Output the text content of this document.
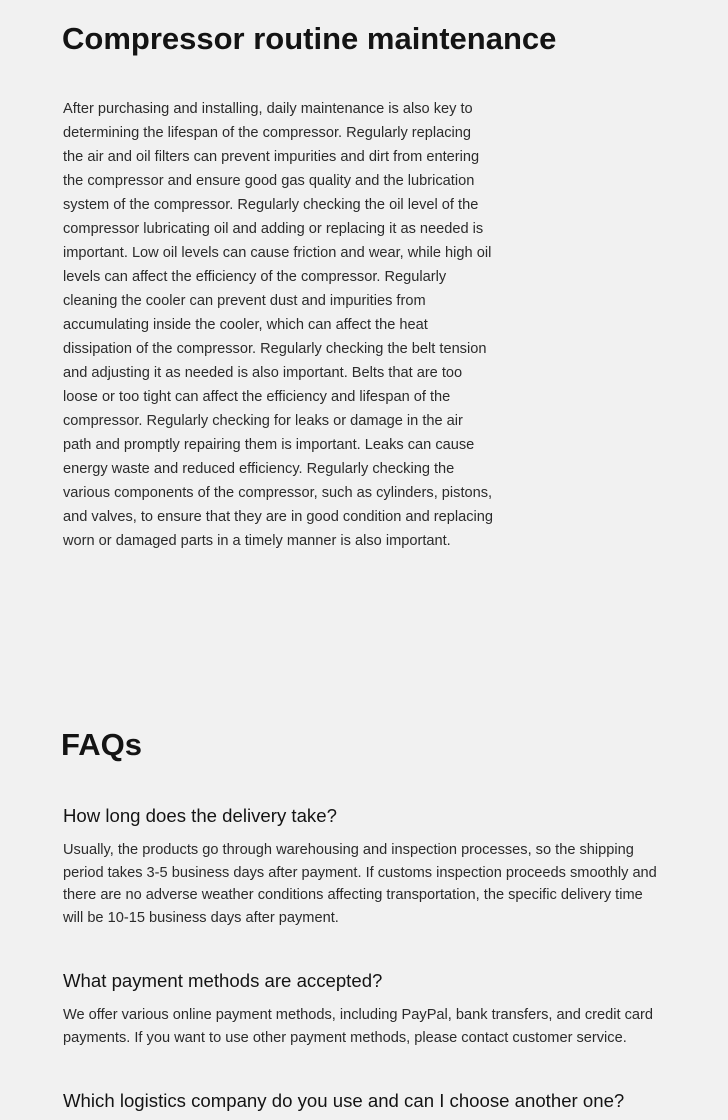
Compressor routine maintenance

After purchasing and installing, daily maintenance is also key to determining the lifespan of the compressor. Regularly replacing the air and oil filters can prevent impurities and dirt from entering the compressor and ensure good gas quality and the lubrication system of the compressor. Regularly checking the oil level of the compressor lubricating oil and adding or replacing it as needed is important. Low oil levels can cause friction and wear, while high oil levels can affect the efficiency of the compressor. Regularly cleaning the cooler can prevent dust and impurities from accumulating inside the cooler, which can affect the heat dissipation of the compressor. Regularly checking the belt tension and adjusting it as needed is also important. Belts that are too loose or too tight can affect the efficiency and lifespan of the compressor. Regularly checking for leaks or damage in the air path and promptly repairing them is important. Leaks can cause energy waste and reduced efficiency. Regularly checking the various components of the compressor, such as cylinders, pistons, and valves, to ensure that they are in good condition and replacing worn or damaged parts in a timely manner is also important.

FAQs
How long does the delivery take?

Usually, the products go through warehousing and inspection processes, so the shipping period takes 3-5 business days after payment. If customs inspection proceeds smoothly and there are no adverse weather conditions affecting transportation, the specific delivery time will be 10-15 business days after payment.

What payment methods are accepted?

We offer various online payment methods, including PayPal, bank transfers, and credit card payments. If you want to use other payment methods, please contact customer service.

Which logistics company do you use and can I choose another one?
